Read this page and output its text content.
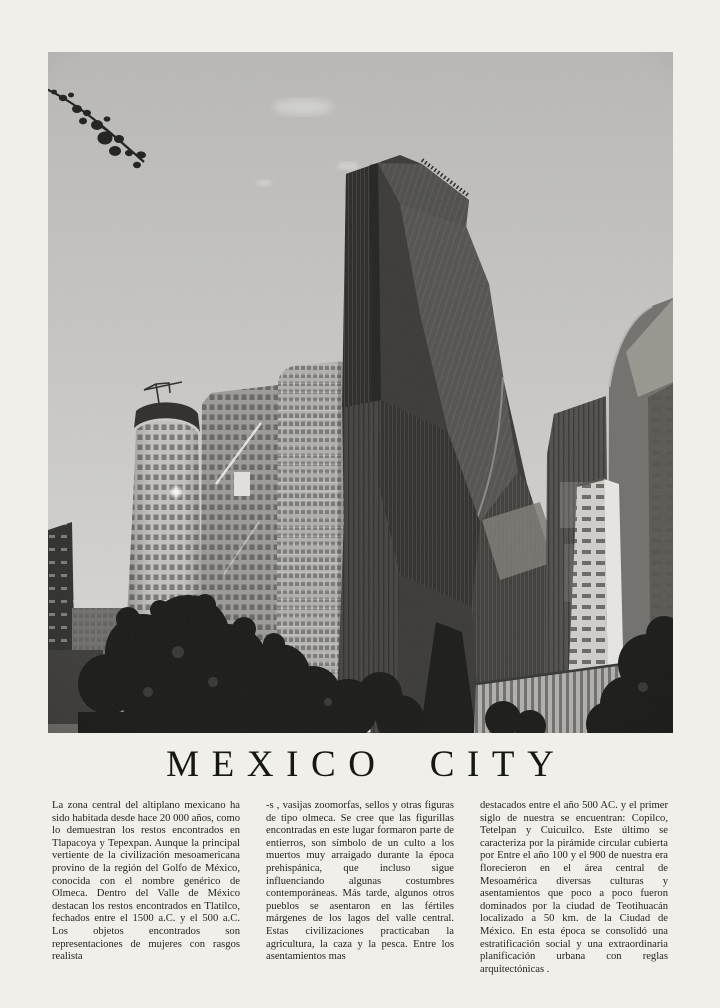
MEXICO CITY

La zona central del altiplano mexicano ha sido habitada desde hace 20 000 años, como lo demuestran los restos encontrados en Tlapacoya y Tepexpan. Aunque la principal vertiente de la civilización mesoamericana provino de la región del Golfo de México, conocida con el nombre genérico de Olmeca. Dentro del Valle de México destacan los restos encontrados en Tlatilco, fechados entre el 1500 a.C. y el 500 a.C. Los objetos encontrados son representaciones de mujeres con rasgos realista

-s , vasijas zoomorfas, sellos y otras figuras de tipo olmeca. Se cree que las figurillas encontradas en este lugar formaron parte de entierros, son símbolo de un culto a los muertos muy arraigado durante la época prehispánica, que incluso sigue influenciando algunas costumbres contemporáneas. Más tarde, algunos otros pueblos se asentaron en las fértiles márgenes de los lagos del valle central. Estas civilizaciones practicaban la agricultura, la caza y la pesca. Entre los asentamientos mas

destacados entre el año 500 AC. y el primer siglo de nuestra se encuentran: Copilco, Tetelpan y Cuicuilco. Este último se caracteriza por la pirámide circular cubierta por Entre el año 100 y el 900 de nuestra era florecieron en el área central de Mesoamérica diversas culturas y asentamientos que poco a poco fueron dominados por la ciudad de Teotihuacán localizado a 50 km. de la Ciudad de México. En esta época se consolidó una estratificación social y una extraordinaria planificación urbana con reglas arquitectónicas .
